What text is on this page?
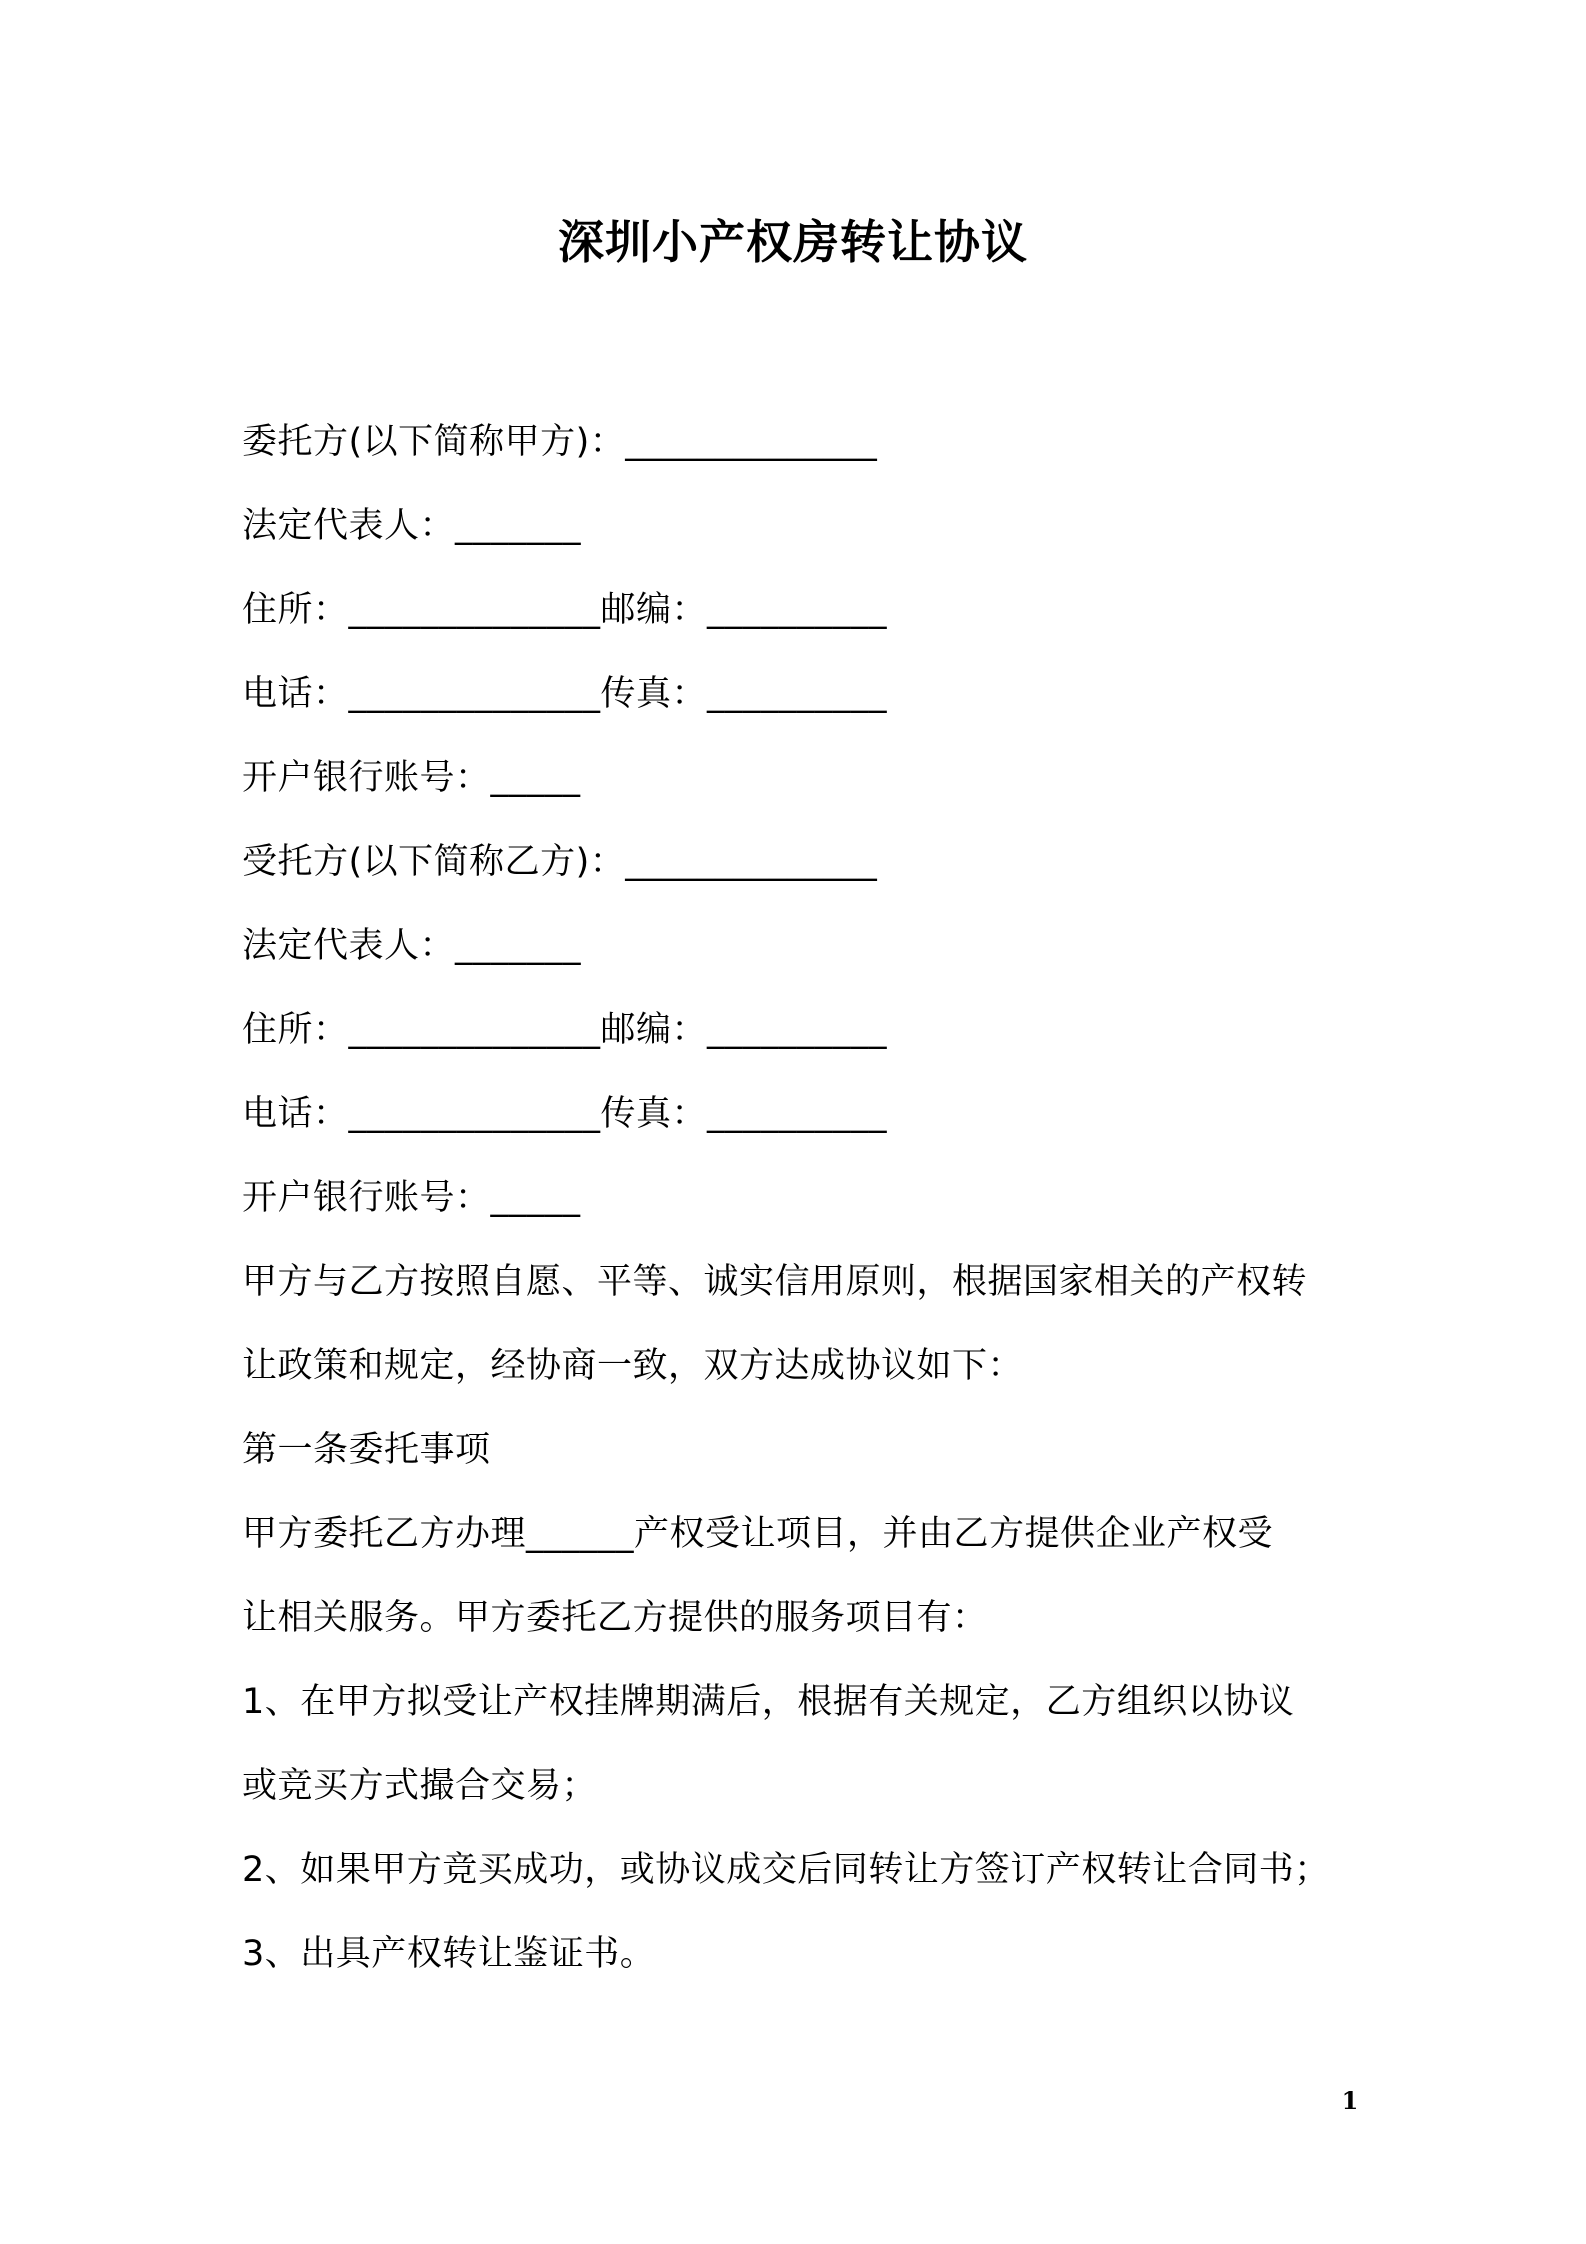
深圳小产权房转让协议
委托方(以下简称甲方)：______________
法定代表人：_______
住所：______________邮编：__________
电话：______________传真：__________
开户银行账号：_____
受托方(以下简称乙方)：______________
法定代表人：_______
住所：______________邮编：__________
电话：______________传真：__________
开户银行账号：_____
甲方与乙方按照自愿、平等、诚实信用原则，根据国家相关的产权转
让政策和规定，经协商一致，双方达成协议如下：
第一条委托事项
甲方委托乙方办理______产权受让项目，并由乙方提供企业产权受
让相关服务。甲方委托乙方提供的服务项目有：
1、在甲方拟受让产权挂牌期满后，根据有关规定，乙方组织以协议
或竞买方式撮合交易；
2、如果甲方竞买成功，或协议成交后同转让方签订产权转让合同书；
3、出具产权转让鉴证书。
1
